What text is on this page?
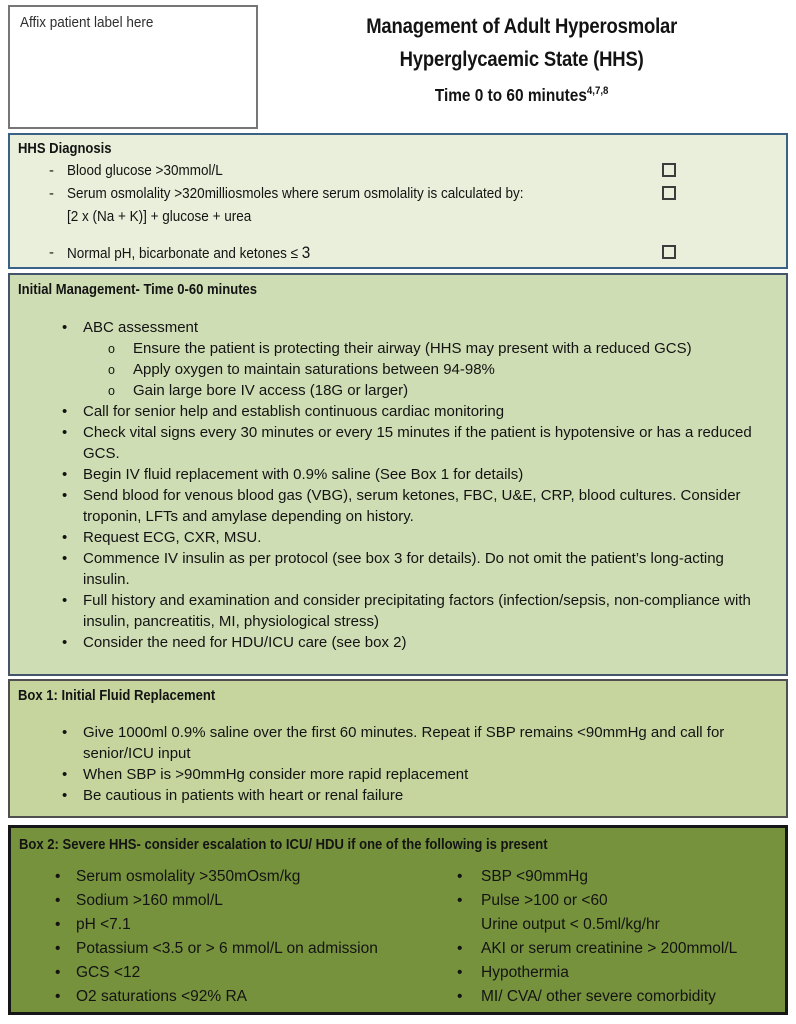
Affix patient label here	Management of Adult Hyperosmolar
Hyperglycaemic State (HHS)
Time 0 to 60 minutes$^{4,7,8}$
HHS Diagnosis
- Blood glucose >30mmol/L
- Serum osmolality >320milliosmoles where serum osmolality is calculated by:
[2 x (Na + K)] + glucose + urea
- Normal pH, bicarbonate and ketones ≤ 3
Initial Management- Time 0-60 minutes
• ABC assessment
o Ensure the patient is protecting their airway (HHS may present with a reduced GCS)
o Apply oxygen to maintain saturations between 94-98%
o Gain large bore IV access (18G or larger)
• Call for senior help and establish continuous cardiac monitoring
• Check vital signs every 30 minutes or every 15 minutes if the patient is hypotensive or has a reduced GCS.
• Begin IV fluid replacement with 0.9% saline (See Box 1 for details)
• Send blood for venous blood gas (VBG), serum ketones, FBC, U&E, CRP, blood cultures. Consider troponin, LFTs and amylase depending on history.
• Request ECG, CXR, MSU.
• Commence IV insulin as per protocol (see box 3 for details). Do not omit the patient’s long-acting insulin.
• Full history and examination and consider precipitating factors (infection/sepsis, non-compliance with insulin, pancreatitis, MI, physiological stress)
• Consider the need for HDU/ICU care (see box 2)
Box 1: Initial Fluid Replacement
• Give 1000ml 0.9% saline over the first 60 minutes. Repeat if SBP remains <90mmHg and call for senior/ICU input
• When SBP is >90mmHg consider more rapid replacement
• Be cautious in patients with heart or renal failure
Box 2: Severe HHS- consider escalation to ICU/ HDU if one of the following is present
• Serum osmolality >350mOsm/kg
• Sodium >160 mmol/L
• pH <7.1
• Potassium <3.5 or > 6 mmol/L on admission
• GCS <12
• O2 saturations <92% RA
• SBP <90mmHg
• Pulse >100 or <60
Urine output < 0.5ml/kg/hr
• AKI or serum creatinine > 200mmol/L
• Hypothermia
• MI/ CVA/ other severe comorbidity
